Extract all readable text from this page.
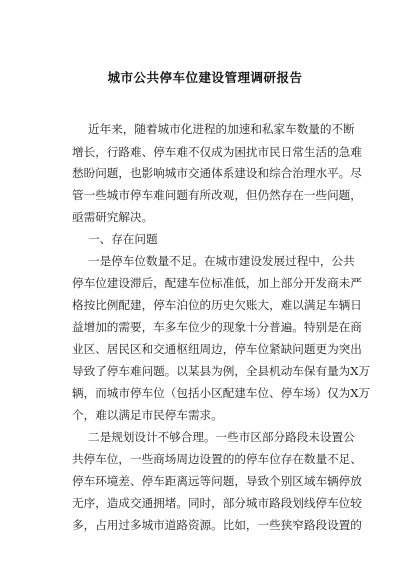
城市公共停车位建设管理调研报告
近年来，随着城市化进程的加速和私家车数量的不断
增长，行路难、停车难不仅成为困扰市民日常生活的急难
愁盼问题，也影响城市交通体系建设和综合治理水平。尽
管一些城市停车难问题有所改观，但仍然存在一些问题，
亟需研究解决。
一、存在问题
一是停车位数量不足。在城市建设发展过程中，公共
停车位建设滞后，配建车位标准低，加上部分开发商未严
格按比例配建，停车泊位的历史欠账大，难以满足车辆日
益增加的需要，车多车位少的现象十分普遍。特别是在商
业区、居民区和交通枢纽周边，停车位紧缺问题更为突出
导致了停车难问题。以某县为例，全县机动车保有量为X万
辆，而城市停车位（包括小区配建车位、停车场）仅为X万
个，难以满足市民停车需求。
二是规划设计不够合理。一些市区部分路段未设置公
共停车位，一些商场周边设置的的停车位存在数量不足、
停车环境差、停车距离远等问题，导致个别区域车辆停放
无序，造成交通拥堵。同时，部分城市路段划线停车位较
多，占用过多城市道路资源。比如，一些狭窄路段设置的
